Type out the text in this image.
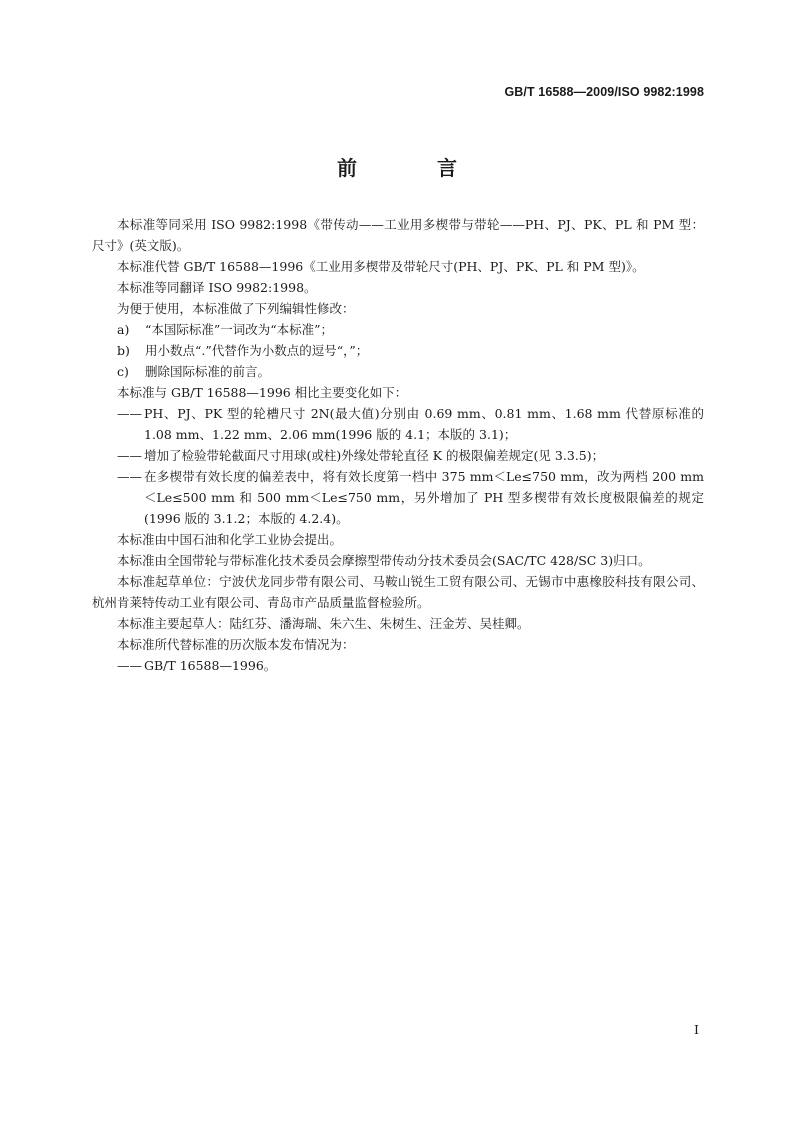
GB/T 16588—2009/ISO 9982:1998
前　言

本标准等同采用 ISO 9982:1998《带传动——工业用多楔带与带轮——PH、PJ、PK、PL 和 PM 型：尺寸》(英文版)。

本标准代替 GB/T 16588—1996《工业用多楔带及带轮尺寸(PH、PJ、PK、PL 和 PM 型)》。

本标准等同翻译 ISO 9982:1998。

为便于使用，本标准做了下列编辑性修改：

a) “本国际标准”一词改为“本标准”；

b) 用小数点“.”代替作为小数点的逗号“，”；

c) 删除国际标准的前言。

本标准与 GB/T 16588—1996 相比主要变化如下：

—— PH、PJ、PK 型的轮槽尺寸 2N(最大值)分别由 0.69 mm、0.81 mm、1.68 mm 代替原标准的 1.08 mm、1.22 mm、2.06 mm(1996 版的 4.1；本版的 3.1)；

—— 增加了检验带轮截面尺寸用球(或柱)外缘处带轮直径 K 的极限偏差规定(见 3.3.5)；

—— 在多楔带有效长度的偏差表中，将有效长度第一档中 375 mm＜Le≤750 mm，改为两档 200 mm＜Le≤500 mm 和 500 mm＜Le≤750 mm，另外增加了 PH 型多楔带有效长度极限偏差的规定(1996 版的 3.1.2；本版的 4.2.4)。

本标准由中国石油和化学工业协会提出。

本标准由全国带轮与带标准化技术委员会摩擦型带传动分技术委员会(SAC/TC 428/SC 3)归口。

本标准起草单位：宁波伏龙同步带有限公司、马鞍山锐生工贸有限公司、无锡市中惠橡胶科技有限公司、杭州肯莱特传动工业有限公司、青岛市产品质量监督检验所。

本标准主要起草人：陆红芬、潘海瑞、朱六生、朱树生、汪金芳、吴桂卿。

本标准所代替标准的历次版本发布情况为：

—— GB/T 16588—1996。

I
